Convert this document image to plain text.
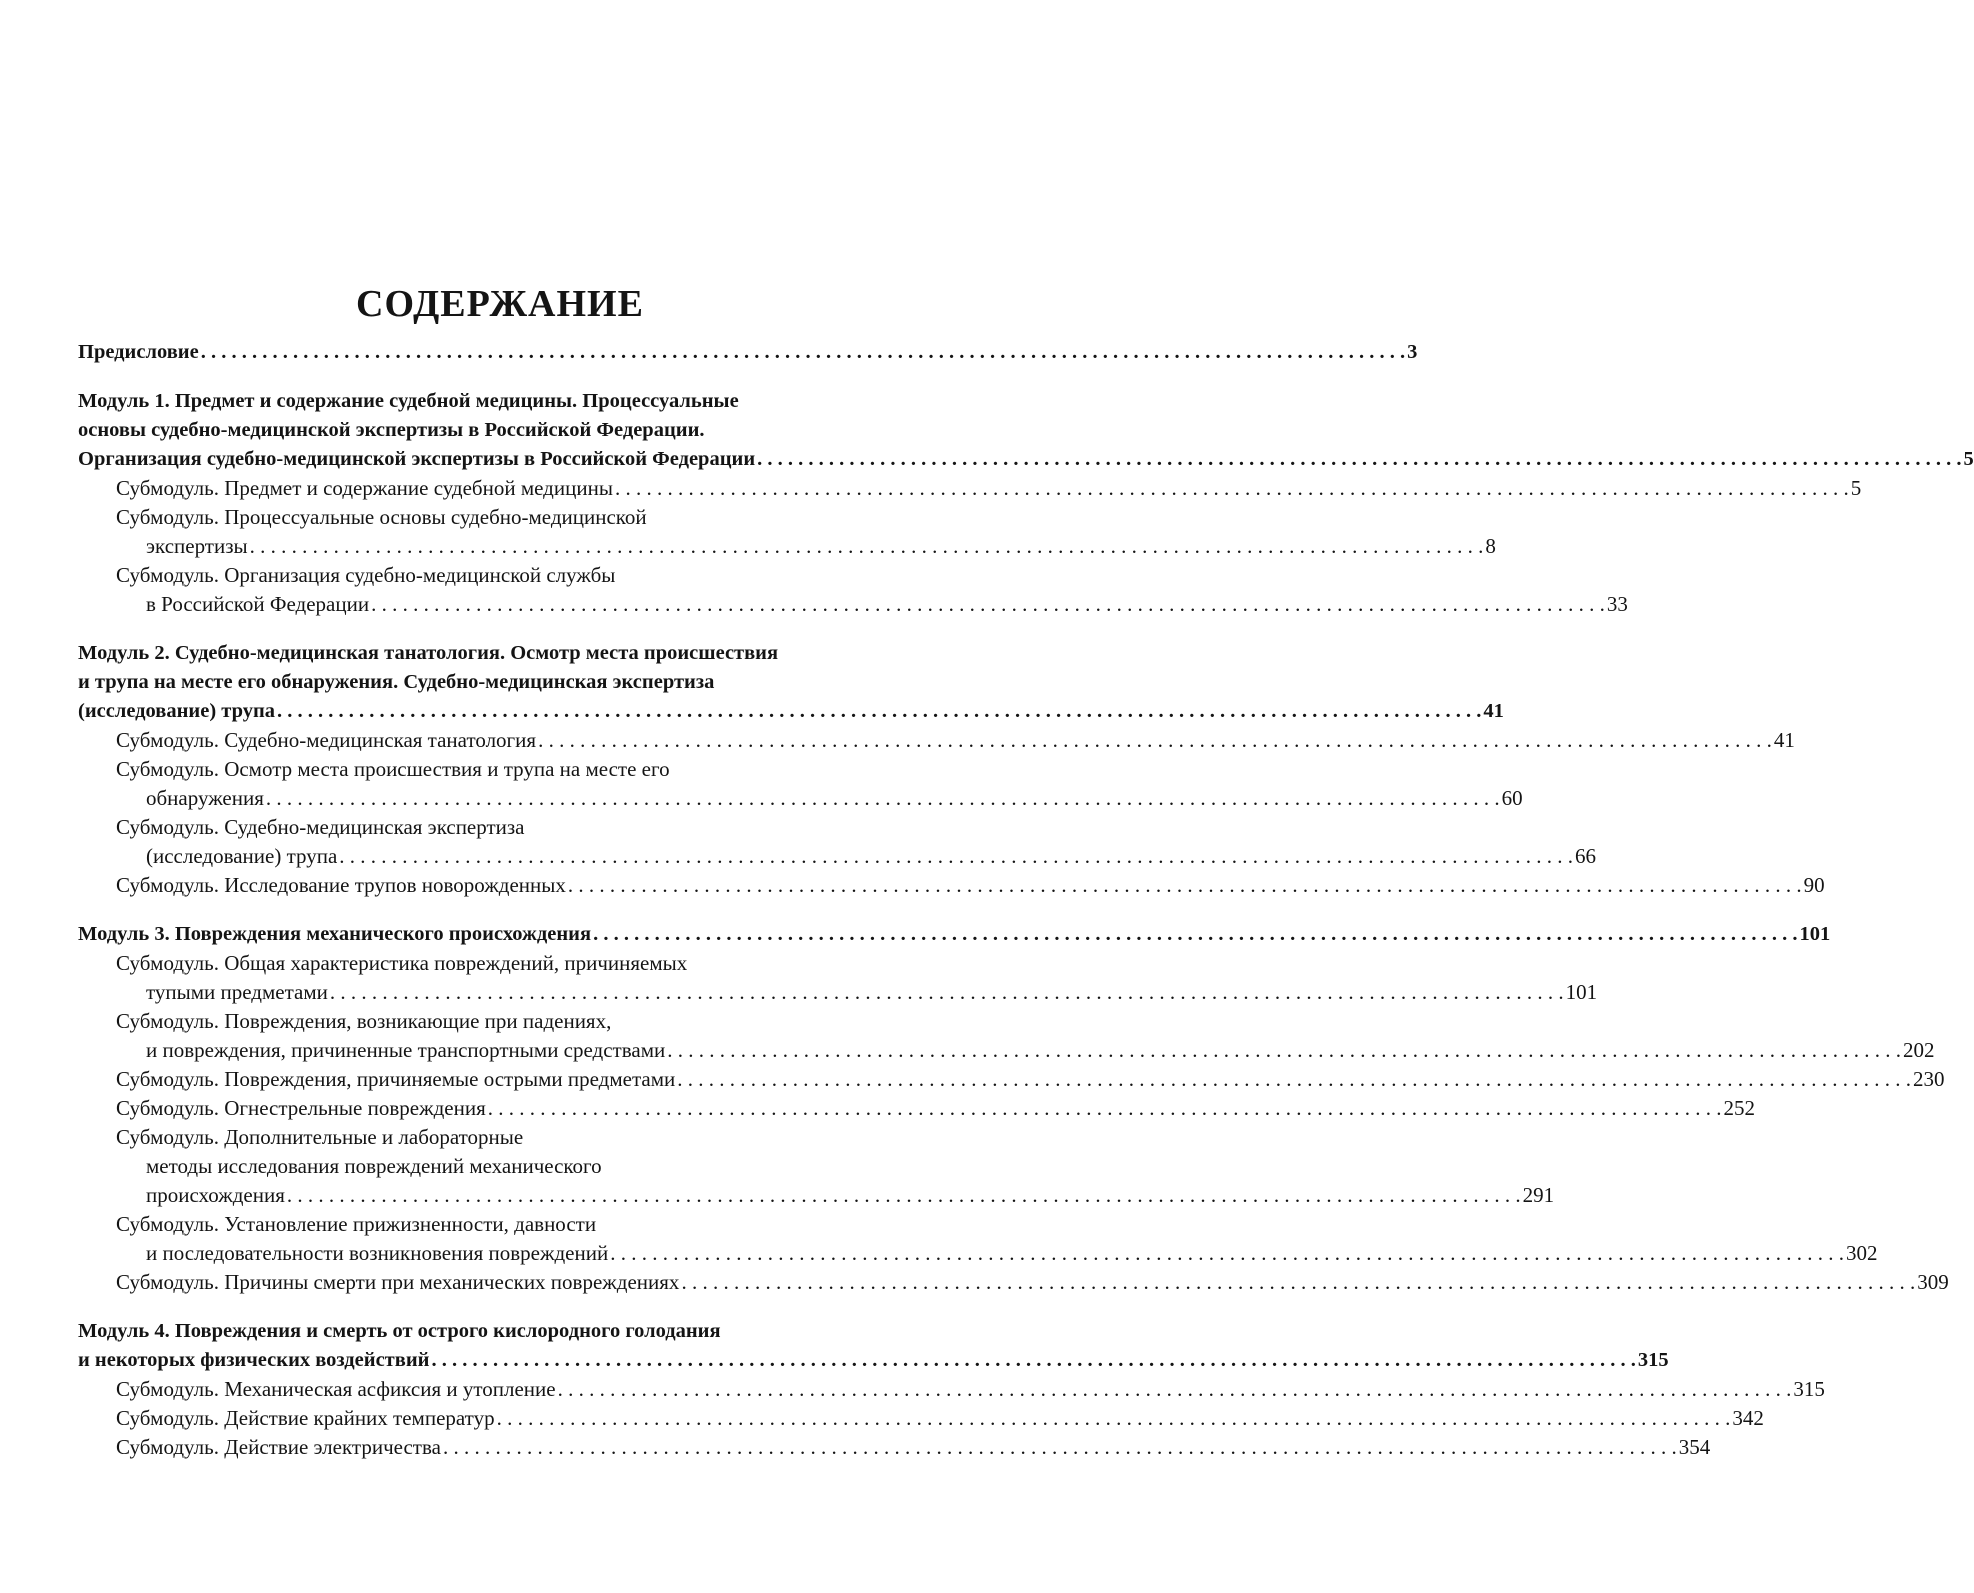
СОДЕРЖАНИЕ
Предисловие . . .	3
Модуль 1. Предмет и содержание судебной медицины. Процессуальные
основы судебно-медицинской экспертизы в Российской Федерации.
Организация судебно-медицинской экспертизы в Российской Федерации . . .	5
Субмодуль. Предмет и содержание судебной медицины . . .	5
Субмодуль. Процессуальные основы судебно-медицинской
экспертизы . . .	8
Субмодуль. Организация судебно-медицинской службы
в Российской Федерации . . .	33
Модуль 2. Судебно-медицинская танатология. Осмотр места происшествия
и трупа на месте его обнаружения. Судебно-медицинская экспертиза
(исследование) трупа . . .	41
Субмодуль. Судебно-медицинская танатология . . .	41
Субмодуль. Осмотр места происшествия и трупа на месте его
обнаружения . . .	60
Субмодуль. Судебно-медицинская экспертиза
(исследование) трупа . . .	66
Субмодуль. Исследование трупов новорожденных . . .	90
Модуль 3. Повреждения механического происхождения . . .	101
Субмодуль. Общая характеристика повреждений, причиняемых
тупыми предметами . . .	101
Субмодуль. Повреждения, возникающие при падениях,
и повреждения, причиненные транспортными средствами . . .	202
Субмодуль. Повреждения, причиняемые острыми предметами . . .	230
Субмодуль. Огнестрельные повреждения . . .	252
Субмодуль. Дополнительные и лабораторные
методы исследования повреждений механического
происхождения . . .	291
Субмодуль. Установление прижизненности, давности
и последовательности возникновения повреждений . . .	302
Субмодуль. Причины смерти при механических повреждениях . . .	309
Модуль 4. Повреждения и смерть от острого кислородного голодания
и некоторых физических воздействий . . .	315
Субмодуль. Механическая асфиксия и утопление . . .	315
Субмодуль. Действие крайних температур . . .	342
Субмодуль. Действие электричества . . .	354
